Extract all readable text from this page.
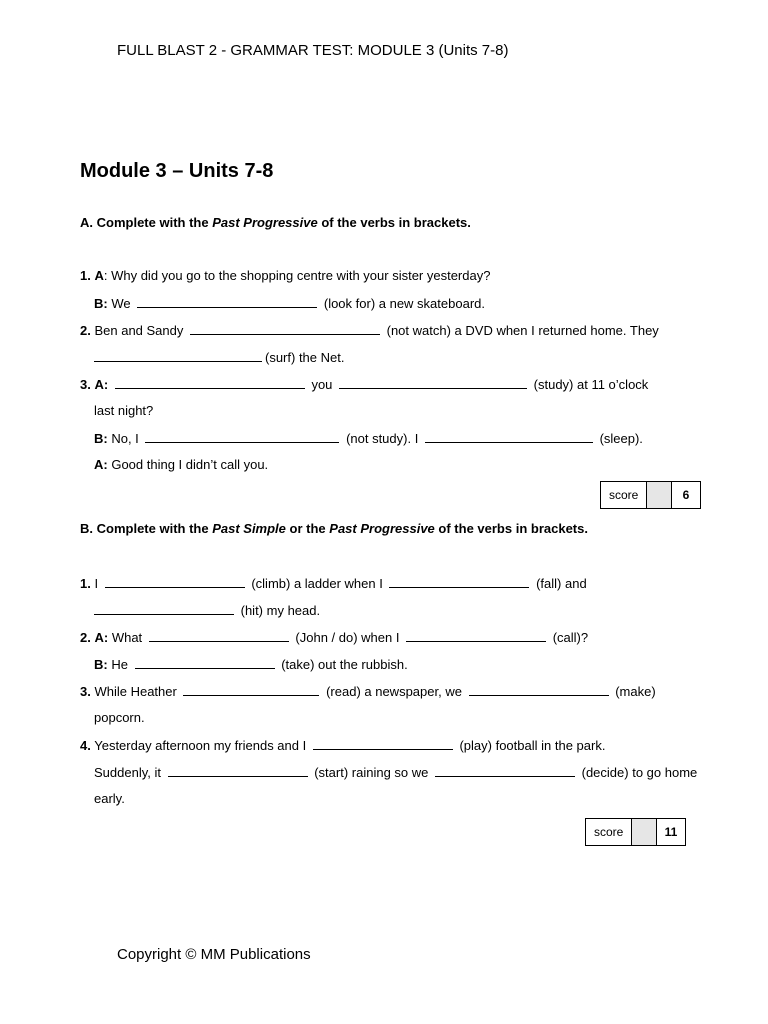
FULL BLAST 2 - GRAMMAR TEST: MODULE 3 (Units 7-8)
Module 3 – Units 7-8
A. Complete with the Past Progressive of the verbs in brackets.
1. A: Why did you go to the shopping centre with your sister yesterday?
B: We	(look for) a new skateboard.
2. Ben and Sandy	(not watch) a DVD when I returned home. They
(surf) the Net.
3. A:	you	(study) at 11 o’clock
last night?
B: No, I	(not study). I	(sleep).
A: Good thing I didn’t call you.
score	6
B. Complete with the Past Simple or the Past Progressive of the verbs in brackets.
1. I	(climb) a ladder when I	(fall) and
(hit) my head.
2. A: What	(John / do) when I	(call)?
B: He	(take) out the rubbish.
3. While Heather	(read) a newspaper, we	(make)
popcorn.
4. Yesterday afternoon my friends and I	(play) football in the park.
Suddenly, it	(start) raining so we	(decide) to go home
early.
score	11
Copyright © MM Publications
